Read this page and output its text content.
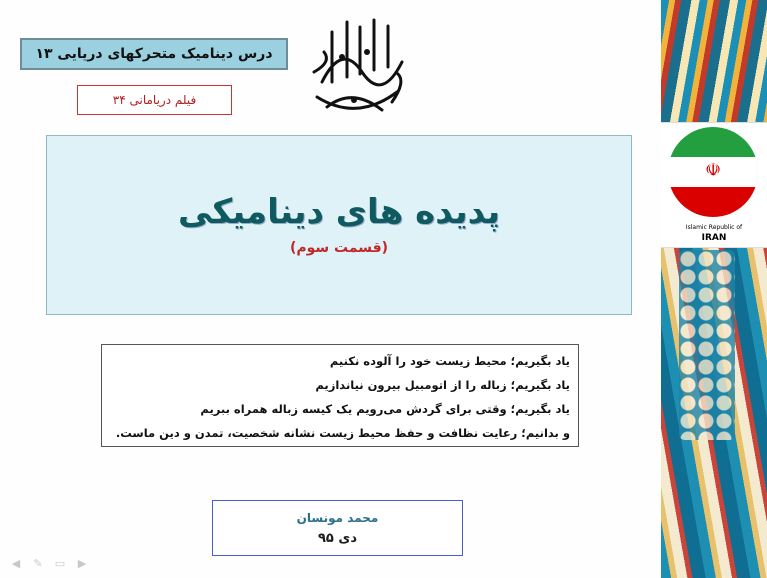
درس دینامیک متحرکهای دریایی ۱۳
فیلم دریامانی ۳۴
پدیده های دینامیکی
(قسمت سوم)
یاد بگیریم؛ محیط زیست خود را آلوده نکنیم
یاد بگیریم؛ زباله را از اتومبیل بیرون نیاندازیم
یاد بگیریم؛ وقتی برای گردش می‌رویم یک کیسه زباله همراه ببریم
و بدانیم؛ رعایت نظافت و حفظ محیط زیست نشانه شخصیت، تمدن و دین ماست.
محمد مونسان
دی ۹۵
☫
Islamic Republic of
IRAN
◀ ✎ ▭ ▶
